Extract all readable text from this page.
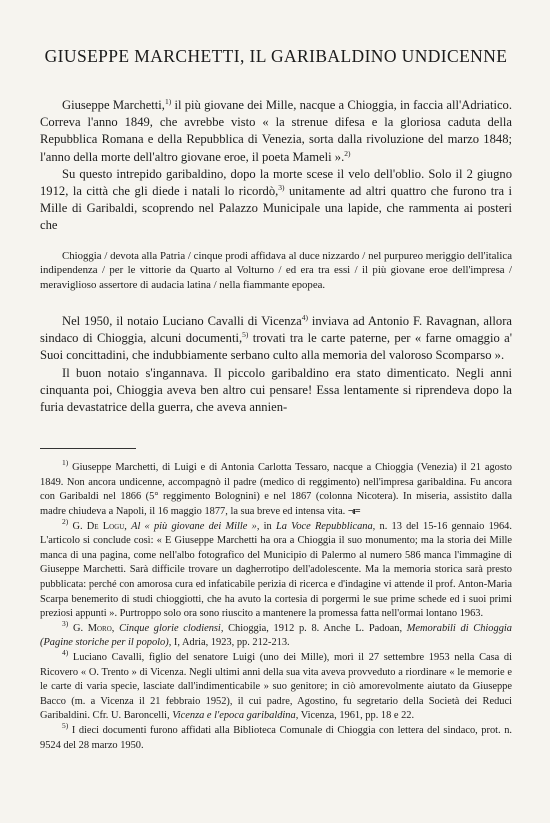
GIUSEPPE MARCHETTI, IL GARIBALDINO UNDICENNE

Giuseppe Marchetti,$^{1)}$ il più giovane dei Mille, nacque a Chioggia, in faccia all'Adriatico. Correva l'anno 1849, che avrebbe visto « la strenue difesa e la gloriosa caduta della Repubblica Romana e della Repubblica di Venezia, sorta dalla rivoluzione del marzo 1848; l'anno della morte dell'altro giovane eroe, il poeta Mameli ».$^{2)}$

Su questo intrepido garibaldino, dopo la morte scese il velo dell'oblio. Solo il 2 giugno 1912, la città che gli diede i natali lo ricordò,$^{3)}$ unitamente ad altri quattro che furono tra i Mille di Garibaldi, scoprendo nel Palazzo Municipale una lapide, che rammenta ai posteri che

Chioggia / devota alla Patria / cinque prodi affidava al duce nizzardo / nel purpureo meriggio dell'italica indipendenza / per le vittorie da Quarto al Volturno / ed era tra essi / il più giovane eroe dell'impresa / meraviglioso assertore di audacia latina / nella fiammante epopea.

Nel 1950, il notaio Luciano Cavalli di Vicenza$^{4)}$ inviava ad Antonio F. Ravagnan, allora sindaco di Chioggia, alcuni documenti,$^{5)}$ trovati tra le carte paterne, per « farne omaggio a' Suoi concittadini, che indubbiamente serbano culto alla memoria del valoroso Scomparso ».

Il buon notaio s'ingannava. Il piccolo garibaldino era stato dimenticato. Negli anni cinquanta poi, Chioggia aveva ben altro cui pensare! Essa lentamente si riprendeva dopo la furia devastatrice della guerra, che aveva annien-

$^{1)}$ Giuseppe Marchetti, di Luigi e di Antonia Carlotta Tessaro, nacque a Chioggia (Venezia) il 21 agosto 1849. Non ancora undicenne, accompagnò il padre (medico di reggimento) nell'impresa garibaldina. Fu ancora con Garibaldi nel 1866 (5° reggimento Bolognini) e nel 1867 (colonna Nicotera). In miseria, assistito dalla madre chiudeva a Napoli, il 16 maggio 1877, la sua breve ed intensa vita. ¬ı=

$^{2)}$ G. De Logu, Al « più giovane dei Mille », in La Voce Repubblicana, n. 13 del 15-16 gennaio 1964. L'articolo si conclude così: « E Giuseppe Marchetti ha ora a Chioggia il suo monumento; ma la storia dei Mille manca di una pagina, come nell'albo fotografico del Municipio di Palermo al numero 586 manca l'immagine di Giuseppe Marchetti. Sarà difficile trovare un dagherrotipo dell'adolescente. Ma la memoria storica sarà presto pubblicata: perché con amorosa cura ed infaticabile perizia di ricerca e d'indagine vi attende il prof. Anton-Maria Scarpa benemerito di studi chioggiotti, che ha avuto la cortesia di porgermi le sue prime schede ed i suoi primi preziosi appunti ». Purtroppo solo ora sono riuscito a mantenere la promessa fatta nell'ormai lontano 1963.

$^{3)}$ G. Moro, Cinque glorie clodiensi, Chioggia, 1912 p. 8. Anche L. Padoan, Memorabili di Chioggia (Pagine storiche per il popolo), I, Adria, 1923, pp. 212-213.

$^{4)}$ Luciano Cavalli, figlio del senatore Luigi (uno dei Mille), morì il 27 settembre 1953 nella Casa di Ricovero « O. Trento » di Vicenza. Negli ultimi anni della sua vita aveva provveduto a riordinare « le memorie e le carte di varia specie, lasciate dall'indimenticabile » suo genitore; in ciò amorevolmente aiutato da Giuseppe Bacco (m. a Vicenza il 21 febbraio 1952), il cui padre, Agostino, fu segretario della Società dei Reduci Garibaldini. Cfr. U. Baroncelli, Vicenza e l'epoca garibaldina, Vicenza, 1961, pp. 18 e 22.

$^{5)}$ I dieci documenti furono affidati alla Biblioteca Comunale di Chioggia con lettera del sindaco, prot. n. 9524 del 28 marzo 1950.
